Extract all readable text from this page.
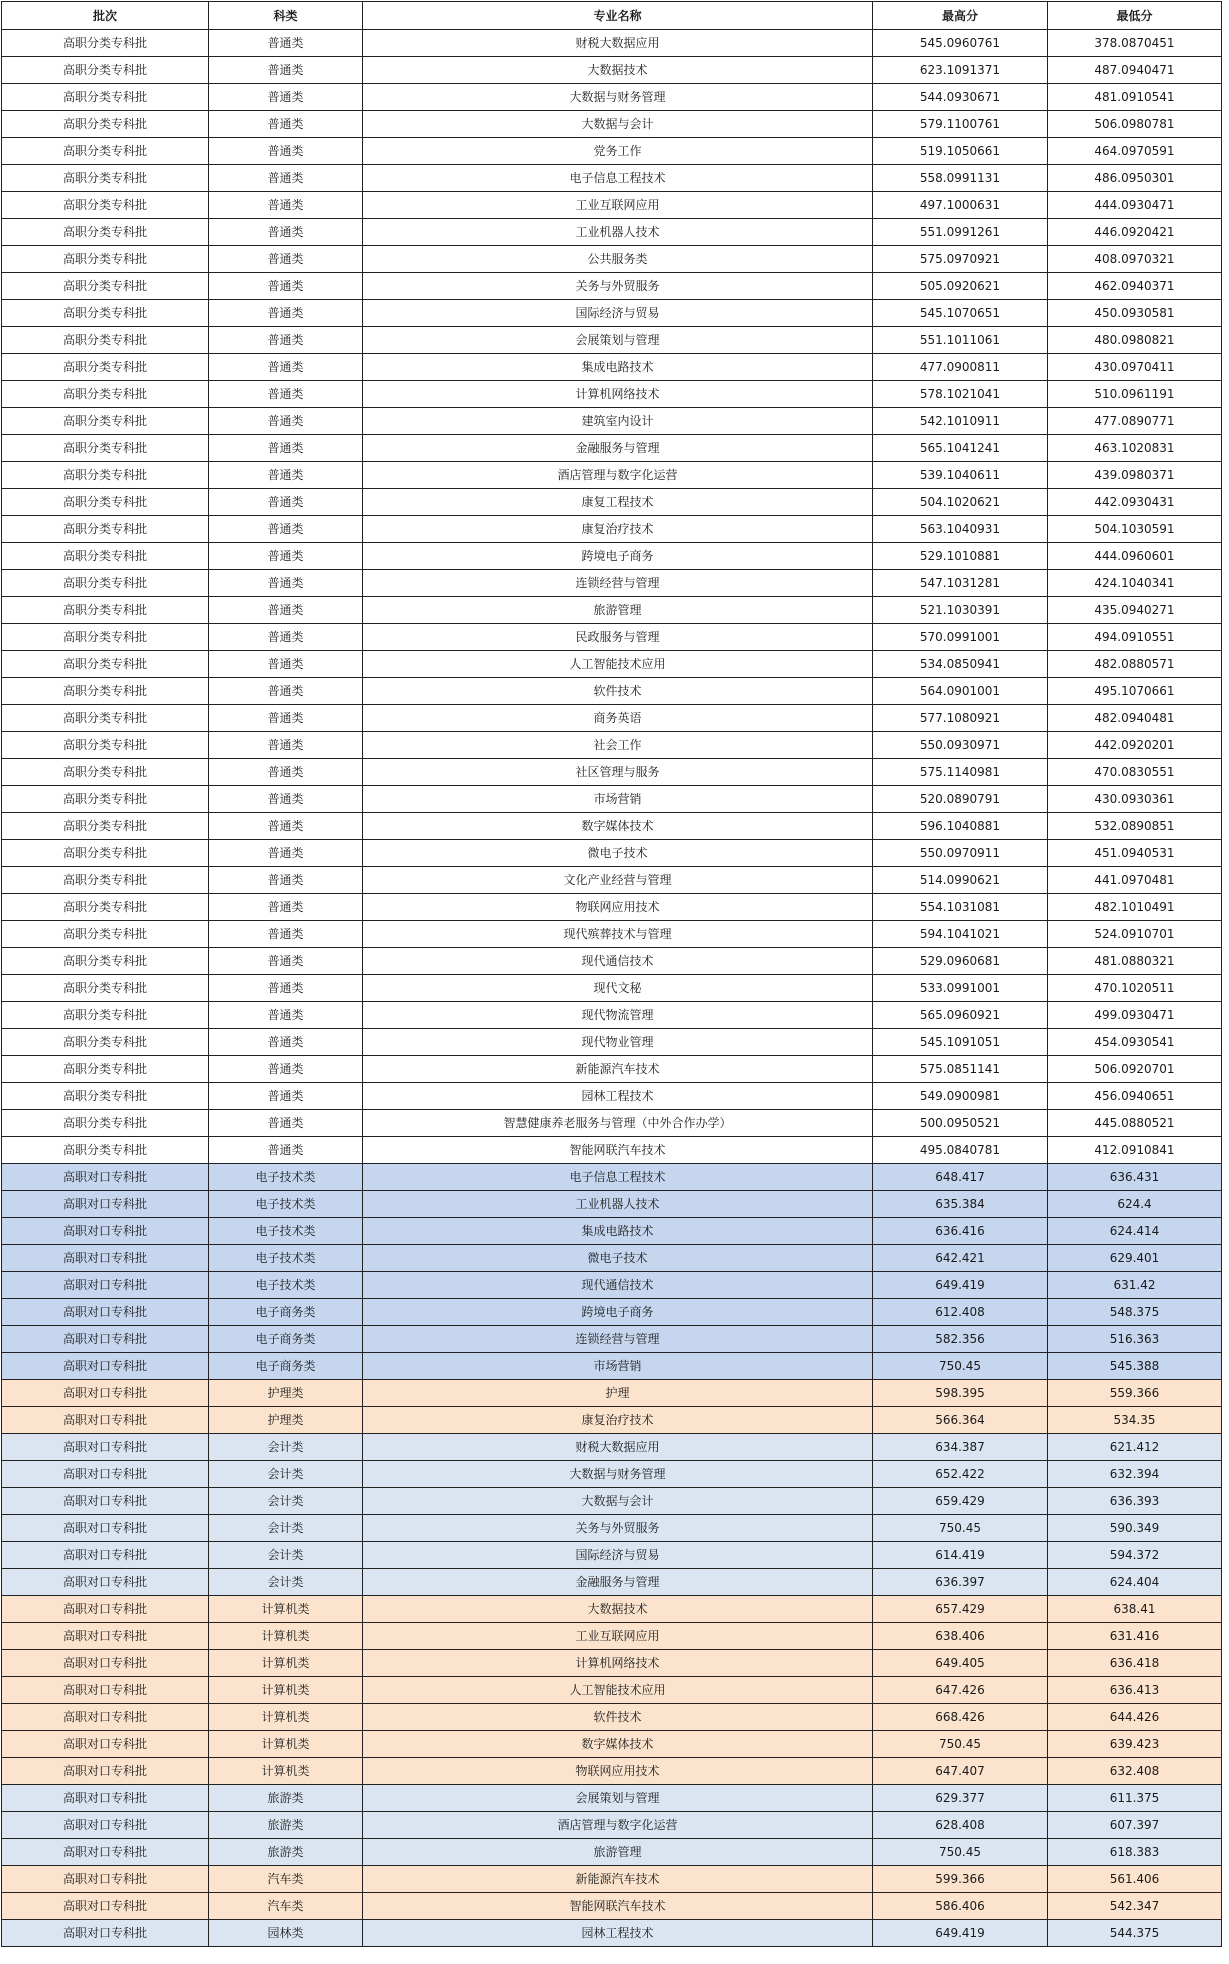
批次	科类	专业名称	最高分	最低分
高职分类专科批	普通类	财税大数据应用	545.0960761	378.0870451
高职分类专科批	普通类	大数据技术	623.1091371	487.0940471
高职分类专科批	普通类	大数据与财务管理	544.0930671	481.0910541
高职分类专科批	普通类	大数据与会计	579.1100761	506.0980781
高职分类专科批	普通类	党务工作	519.1050661	464.0970591
高职分类专科批	普通类	电子信息工程技术	558.0991131	486.0950301
高职分类专科批	普通类	工业互联网应用	497.1000631	444.0930471
高职分类专科批	普通类	工业机器人技术	551.0991261	446.0920421
高职分类专科批	普通类	公共服务类	575.0970921	408.0970321
高职分类专科批	普通类	关务与外贸服务	505.0920621	462.0940371
高职分类专科批	普通类	国际经济与贸易	545.1070651	450.0930581
高职分类专科批	普通类	会展策划与管理	551.1011061	480.0980821
高职分类专科批	普通类	集成电路技术	477.0900811	430.0970411
高职分类专科批	普通类	计算机网络技术	578.1021041	510.0961191
高职分类专科批	普通类	建筑室内设计	542.1010911	477.0890771
高职分类专科批	普通类	金融服务与管理	565.1041241	463.1020831
高职分类专科批	普通类	酒店管理与数字化运营	539.1040611	439.0980371
高职分类专科批	普通类	康复工程技术	504.1020621	442.0930431
高职分类专科批	普通类	康复治疗技术	563.1040931	504.1030591
高职分类专科批	普通类	跨境电子商务	529.1010881	444.0960601
高职分类专科批	普通类	连锁经营与管理	547.1031281	424.1040341
高职分类专科批	普通类	旅游管理	521.1030391	435.0940271
高职分类专科批	普通类	民政服务与管理	570.0991001	494.0910551
高职分类专科批	普通类	人工智能技术应用	534.0850941	482.0880571
高职分类专科批	普通类	软件技术	564.0901001	495.1070661
高职分类专科批	普通类	商务英语	577.1080921	482.0940481
高职分类专科批	普通类	社会工作	550.0930971	442.0920201
高职分类专科批	普通类	社区管理与服务	575.1140981	470.0830551
高职分类专科批	普通类	市场营销	520.0890791	430.0930361
高职分类专科批	普通类	数字媒体技术	596.1040881	532.0890851
高职分类专科批	普通类	微电子技术	550.0970911	451.0940531
高职分类专科批	普通类	文化产业经营与管理	514.0990621	441.0970481
高职分类专科批	普通类	物联网应用技术	554.1031081	482.1010491
高职分类专科批	普通类	现代殡葬技术与管理	594.1041021	524.0910701
高职分类专科批	普通类	现代通信技术	529.0960681	481.0880321
高职分类专科批	普通类	现代文秘	533.0991001	470.1020511
高职分类专科批	普通类	现代物流管理	565.0960921	499.0930471
高职分类专科批	普通类	现代物业管理	545.1091051	454.0930541
高职分类专科批	普通类	新能源汽车技术	575.0851141	506.0920701
高职分类专科批	普通类	园林工程技术	549.0900981	456.0940651
高职分类专科批	普通类	智慧健康养老服务与管理（中外合作办学）	500.0950521	445.0880521
高职分类专科批	普通类	智能网联汽车技术	495.0840781	412.0910841
高职对口专科批	电子技术类	电子信息工程技术	648.417	636.431
高职对口专科批	电子技术类	工业机器人技术	635.384	624.4
高职对口专科批	电子技术类	集成电路技术	636.416	624.414
高职对口专科批	电子技术类	微电子技术	642.421	629.401
高职对口专科批	电子技术类	现代通信技术	649.419	631.42
高职对口专科批	电子商务类	跨境电子商务	612.408	548.375
高职对口专科批	电子商务类	连锁经营与管理	582.356	516.363
高职对口专科批	电子商务类	市场营销	750.45	545.388
高职对口专科批	护理类	护理	598.395	559.366
高职对口专科批	护理类	康复治疗技术	566.364	534.35
高职对口专科批	会计类	财税大数据应用	634.387	621.412
高职对口专科批	会计类	大数据与财务管理	652.422	632.394
高职对口专科批	会计类	大数据与会计	659.429	636.393
高职对口专科批	会计类	关务与外贸服务	750.45	590.349
高职对口专科批	会计类	国际经济与贸易	614.419	594.372
高职对口专科批	会计类	金融服务与管理	636.397	624.404
高职对口专科批	计算机类	大数据技术	657.429	638.41
高职对口专科批	计算机类	工业互联网应用	638.406	631.416
高职对口专科批	计算机类	计算机网络技术	649.405	636.418
高职对口专科批	计算机类	人工智能技术应用	647.426	636.413
高职对口专科批	计算机类	软件技术	668.426	644.426
高职对口专科批	计算机类	数字媒体技术	750.45	639.423
高职对口专科批	计算机类	物联网应用技术	647.407	632.408
高职对口专科批	旅游类	会展策划与管理	629.377	611.375
高职对口专科批	旅游类	酒店管理与数字化运营	628.408	607.397
高职对口专科批	旅游类	旅游管理	750.45	618.383
高职对口专科批	汽车类	新能源汽车技术	599.366	561.406
高职对口专科批	汽车类	智能网联汽车技术	586.406	542.347
高职对口专科批	园林类	园林工程技术	649.419	544.375
